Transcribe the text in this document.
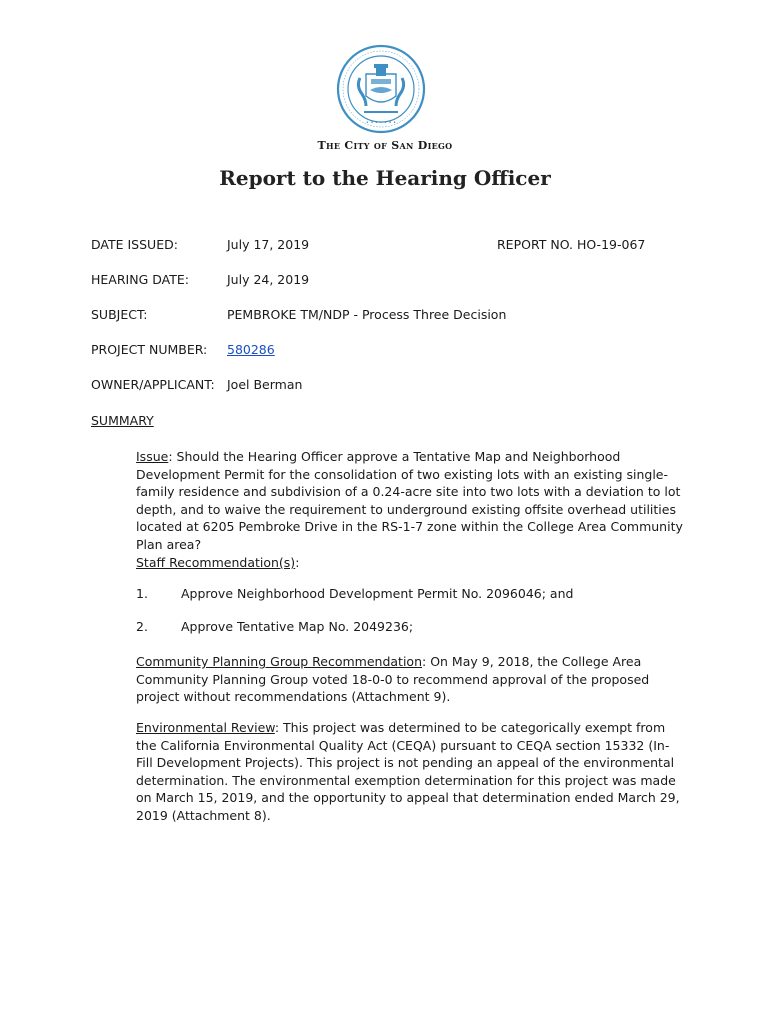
• • • • • • •
The City of San Diego
Report to the Hearing Officer
DATE ISSUED:	July 17, 2019	REPORT NO. HO-19-067
HEARING DATE:	July 24, 2019
SUBJECT:	PEMBROKE TM/NDP - Process Three Decision
PROJECT NUMBER: 580286
OWNER/APPLICANT: Joel Berman
SUMMARY
Issue: Should the Hearing Officer approve a Tentative Map and Neighborhood Development Permit for the consolidation of two existing lots with an existing single-family residence and subdivision of a 0.24-acre site into two lots with a deviation to lot depth, and to waive the requirement to underground existing offsite overhead utilities located at 6205 Pembroke Drive in the RS-1-7 zone within the College Area Community Plan area?
Staff Recommendation(s):
1.	Approve Neighborhood Development Permit No. 2096046; and
2.	Approve Tentative Map No. 2049236;
Community Planning Group Recommendation: On May 9, 2018, the College Area Community Planning Group voted 18-0-0 to recommend approval of the proposed project without recommendations (Attachment 9).
Environmental Review: This project was determined to be categorically exempt from the California Environmental Quality Act (CEQA) pursuant to CEQA section 15332 (In-Fill Development Projects). This project is not pending an appeal of the environmental determination. The environmental exemption determination for this project was made on March 15, 2019, and the opportunity to appeal that determination ended March 29, 2019 (Attachment 8).
